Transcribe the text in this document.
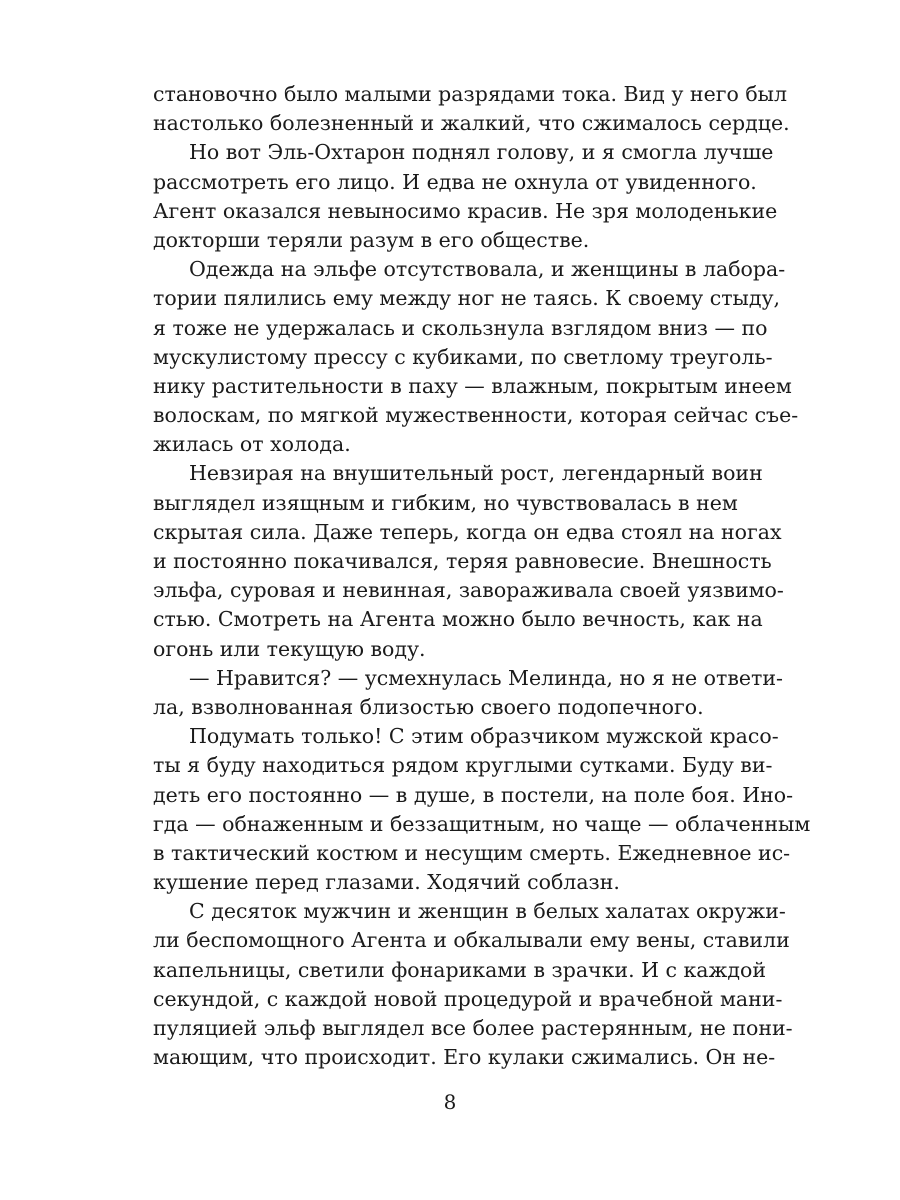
становочно было малыми разрядами тока. Вид у него был
настолько болезненный и жалкий, что сжималось сердце.
Но вот Эль-Охтарон поднял голову, и я смогла лучше
рассмотреть его лицо. И едва не охнула от увиденного.
Агент оказался невыносимо красив. Не зря молоденькие
докторши теряли разум в его обществе.
Одежда на эльфе отсутствовала, и женщины в лабора-
тории пялились ему между ног не таясь. К своему стыду,
я тоже не удержалась и скользнула взглядом вниз — по
мускулистому прессу с кубиками, по светлому треуголь-
нику растительности в паху — влажным, покрытым инеем
волоскам, по мягкой мужественности, которая сейчас съе-
жилась от холода.
Невзирая на внушительный рост, легендарный воин
выглядел изящным и гибким, но чувствовалась в нем
скрытая сила. Даже теперь, когда он едва стоял на ногах
и постоянно покачивался, теряя равновесие. Внешность
эльфа, суровая и невинная, завораживала своей уязвимо-
стью. Смотреть на Агента можно было вечность, как на
огонь или текущую воду.
— Нравится? — усмехнулась Мелинда, но я не ответи-
ла, взволнованная близостью своего подопечного.
Подумать только! С этим образчиком мужской красо-
ты я буду находиться рядом круглыми сутками. Буду ви-
деть его постоянно — в душе, в постели, на поле боя. Ино-
гда — обнаженным и беззащитным, но чаще — облаченным
в тактический костюм и несущим смерть. Ежедневное ис-
кушение перед глазами. Ходячий соблазн.
С десяток мужчин и женщин в белых халатах окружи-
ли беспомощного Агента и обкалывали ему вены, ставили
капельницы, светили фонариками в зрачки. И с каждой
секундой, с каждой новой процедурой и врачебной мани-
пуляцией эльф выглядел все более растерянным, не пони-
мающим, что происходит. Его кулаки сжимались. Он не-
8
